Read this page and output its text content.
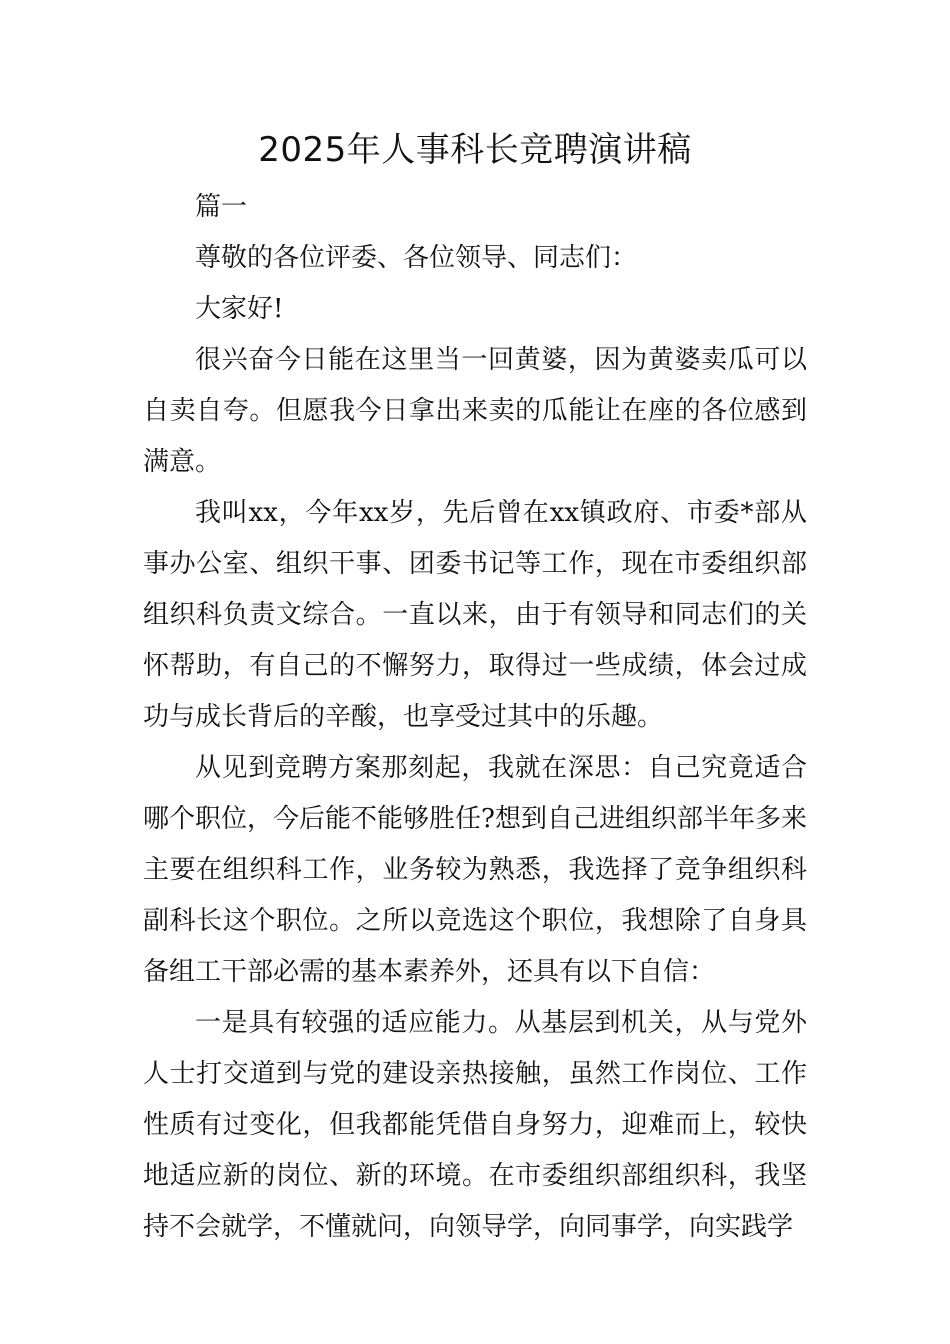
2025年人事科长竞聘演讲稿

篇一

尊敬的各位评委、各位领导、同志们：

大家好!

很兴奋今日能在这里当一回黄婆，因为黄婆卖瓜可以自卖自夸。但愿我今日拿出来卖的瓜能让在座的各位感到满意。

我叫xx，今年xx岁，先后曾在xx镇政府、市委*部从事办公室、组织干事、团委书记等工作，现在市委组织部组织科负责文综合。一直以来，由于有领导和同志们的关怀帮助，有自己的不懈努力，取得过一些成绩，体会过成功与成长背后的辛酸，也享受过其中的乐趣。

从见到竞聘方案那刻起，我就在深思：自己究竟适合哪个职位，今后能不能够胜任?想到自己进组织部半年多来主要在组织科工作，业务较为熟悉，我选择了竞争组织科副科长这个职位。之所以竞选这个职位，我想除了自身具备组工干部必需的基本素养外，还具有以下自信：

一是具有较强的适应能力。从基层到机关，从与党外人士打交道到与党的建设亲热接触，虽然工作岗位、工作性质有过变化，但我都能凭借自身努力，迎难而上，较快地适应新的岗位、新的环境。在市委组织部组织科，我坚持不会就学，不懂就问，向领导学，向同事学，向实践学
